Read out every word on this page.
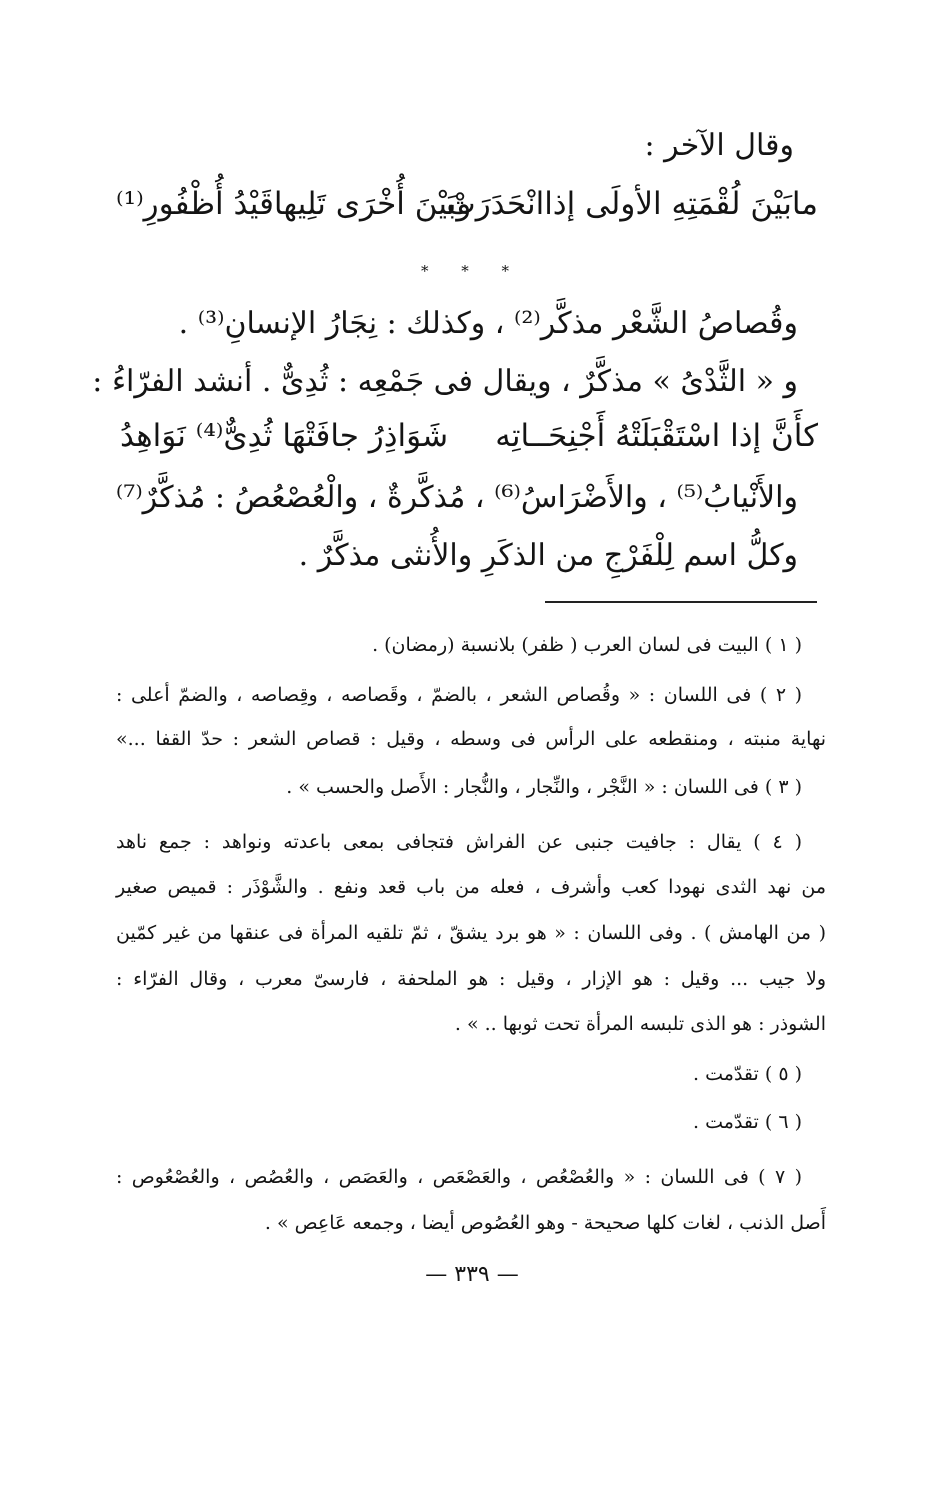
وقال الآخر :
مابَيْنَ لُقْمَتِهِ الأولَى إذاانْحَدَرَتْ
وبَيْنَ أُخْرَى تَلِيهاقَيْدُ أُظْفُورِ⁽¹⁾
* * *
وقُصاصُ الشَّعْر مذكَّر⁽²⁾ ، وكذلك : نِجَارُ الإنسانِ⁽³⁾ .
و « الثَّدْىُ » مذكَّرٌ ، ويقال فى جَمْعِه : ثُدِىٌّ . أنشد الفرّاءُ :
كأَنَّ إذا اسْتَقْبَلَتْهُ أَجْنِحَــاتِه
شَوَاذِرُ جافَتْهَا ثُدِىٌّ⁽⁴⁾ نَوَاهِدُ
والأَنْيابُ⁽⁵⁾ ، والأَضْرَاسُ⁽⁶⁾ ، مُذكَّرةٌ ، والْعُصْعُصُ : مُذكَّرٌ⁽⁷⁾
وكلُّ اسم لِلْفَرْجِ من الذكَرِ والأُنثى مذكَّرٌ .
( ١ ) البيت فى لسان العرب ( ظفر) بلانسبة (رمضان) .
( ٢ ) فى اللسان : « وقُصاص الشعر ، بالضمّ ، وقَصاصه ، وقِصاصه ، والضمّ أعلى :
نهاية منبته ، ومنقطعه على الرأس فى وسطه ، وقيل : قصاص الشعر : حدّ القفا ...»
( ٣ ) فى اللسان : « النَّجْر ، والنِّجار ، والنُّجار : الأَصل والحسب » .
( ٤ ) يقال : جافيت جنبى عن الفراش فتجافى بمعى باعدته ونواهد : جمع ناهد
من نهد الثدى نهودا كعب وأشرف ، فعله من باب قعد ونفع . والشَّوْذَر : قميص صغير
( من الهامش ) . وفى اللسان : « هو برد يشقّ ، ثمّ تلقيه المرأة فى عنقها من غير كمّين
ولا جيب ... وقيل : هو الإزار ، وقيل : هو الملحفة ، فارسىّ معرب ، وقال الفرّاء :
الشوذر : هو الذى تلبسه المرأة تحت ثوبها .. » .
( ٥ ) تقدّمت .
( ٦ ) تقدّمت .
( ٧ ) فى اللسان : « والعُصْعُص ، والعَصْعَص ، والعَصَص ، والعُصُص ، والعُصْعُوص :
أَصل الذنب ، لغات كلها صحيحة - وهو العُصُوص أيضا ، وجمعه عَاعِص » .
— ٣٣٩ —
